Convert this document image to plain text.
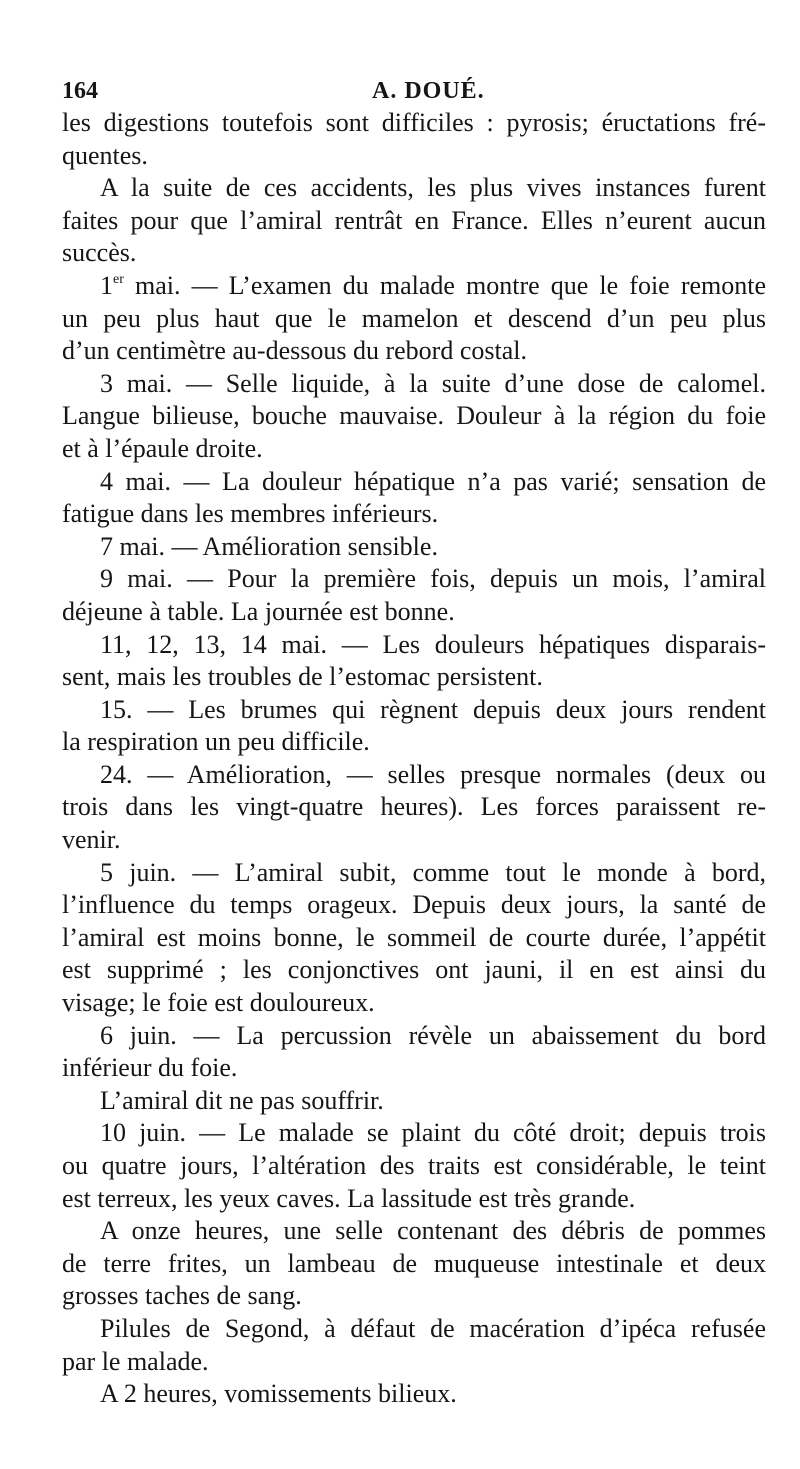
164	A. DOUÉ.
les digestions toutefois sont difficiles : pyrosis; éructations fré-
quentes.
A la suite de ces accidents, les plus vives instances furent
faites pour que l’amiral rentrât en France. Elles n’eurent aucun
succès.
1er mai. — L’examen du malade montre que le foie remonte
un peu plus haut que le mamelon et descend d’un peu plus
d’un centimètre au-dessous du rebord costal.
3 mai. — Selle liquide, à la suite d’une dose de calomel.
Langue bilieuse, bouche mauvaise. Douleur à la région du foie
et à l’épaule droite.
4 mai. — La douleur hépatique n’a pas varié; sensation de
fatigue dans les membres inférieurs.
7 mai. — Amélioration sensible.
9 mai. — Pour la première fois, depuis un mois, l’amiral
déjeune à table. La journée est bonne.
11, 12, 13, 14 mai. — Les douleurs hépatiques disparais-
sent, mais les troubles de l’estomac persistent.
15. — Les brumes qui règnent depuis deux jours rendent
la respiration un peu difficile.
24. — Amélioration, — selles presque normales (deux ou
trois dans les vingt-quatre heures). Les forces paraissent re-
venir.
5 juin. — L’amiral subit, comme tout le monde à bord,
l’influence du temps orageux. Depuis deux jours, la santé de
l’amiral est moins bonne, le sommeil de courte durée, l’appétit
est supprimé ; les conjonctives ont jauni, il en est ainsi du
visage; le foie est douloureux.
6 juin. — La percussion révèle un abaissement du bord
inférieur du foie.
L’amiral dit ne pas souffrir.
10 juin. — Le malade se plaint du côté droit; depuis trois
ou quatre jours, l’altération des traits est considérable, le teint
est terreux, les yeux caves. La lassitude est très grande.
A onze heures, une selle contenant des débris de pommes
de terre frites, un lambeau de muqueuse intestinale et deux
grosses taches de sang.
Pilules de Segond, à défaut de macération d’ipéca refusée
par le malade.
A 2 heures, vomissements bilieux.
